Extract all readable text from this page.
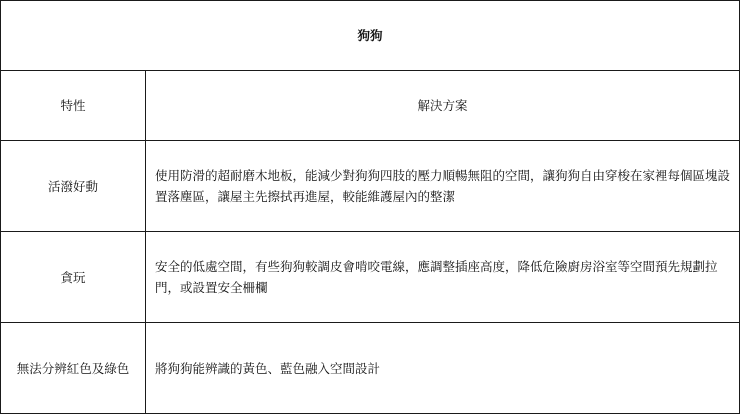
狗狗	
特性	解決方案
活潑好動	使用防滑的超耐磨木地板，能減少對狗狗四肢的壓力順暢無阻的空間，讓狗狗自由穿梭在家裡每個區塊設置落塵區，讓屋主先擦拭再進屋，較能維護屋內的整潔
貪玩	安全的低處空間，有些狗狗較調皮會啃咬電線，應調整插座高度，降低危險廚房浴室等空間預先規劃拉門，或設置安全柵欄
無法分辨紅色及綠色	將狗狗能辨識的黃色、藍色融入空間設計
